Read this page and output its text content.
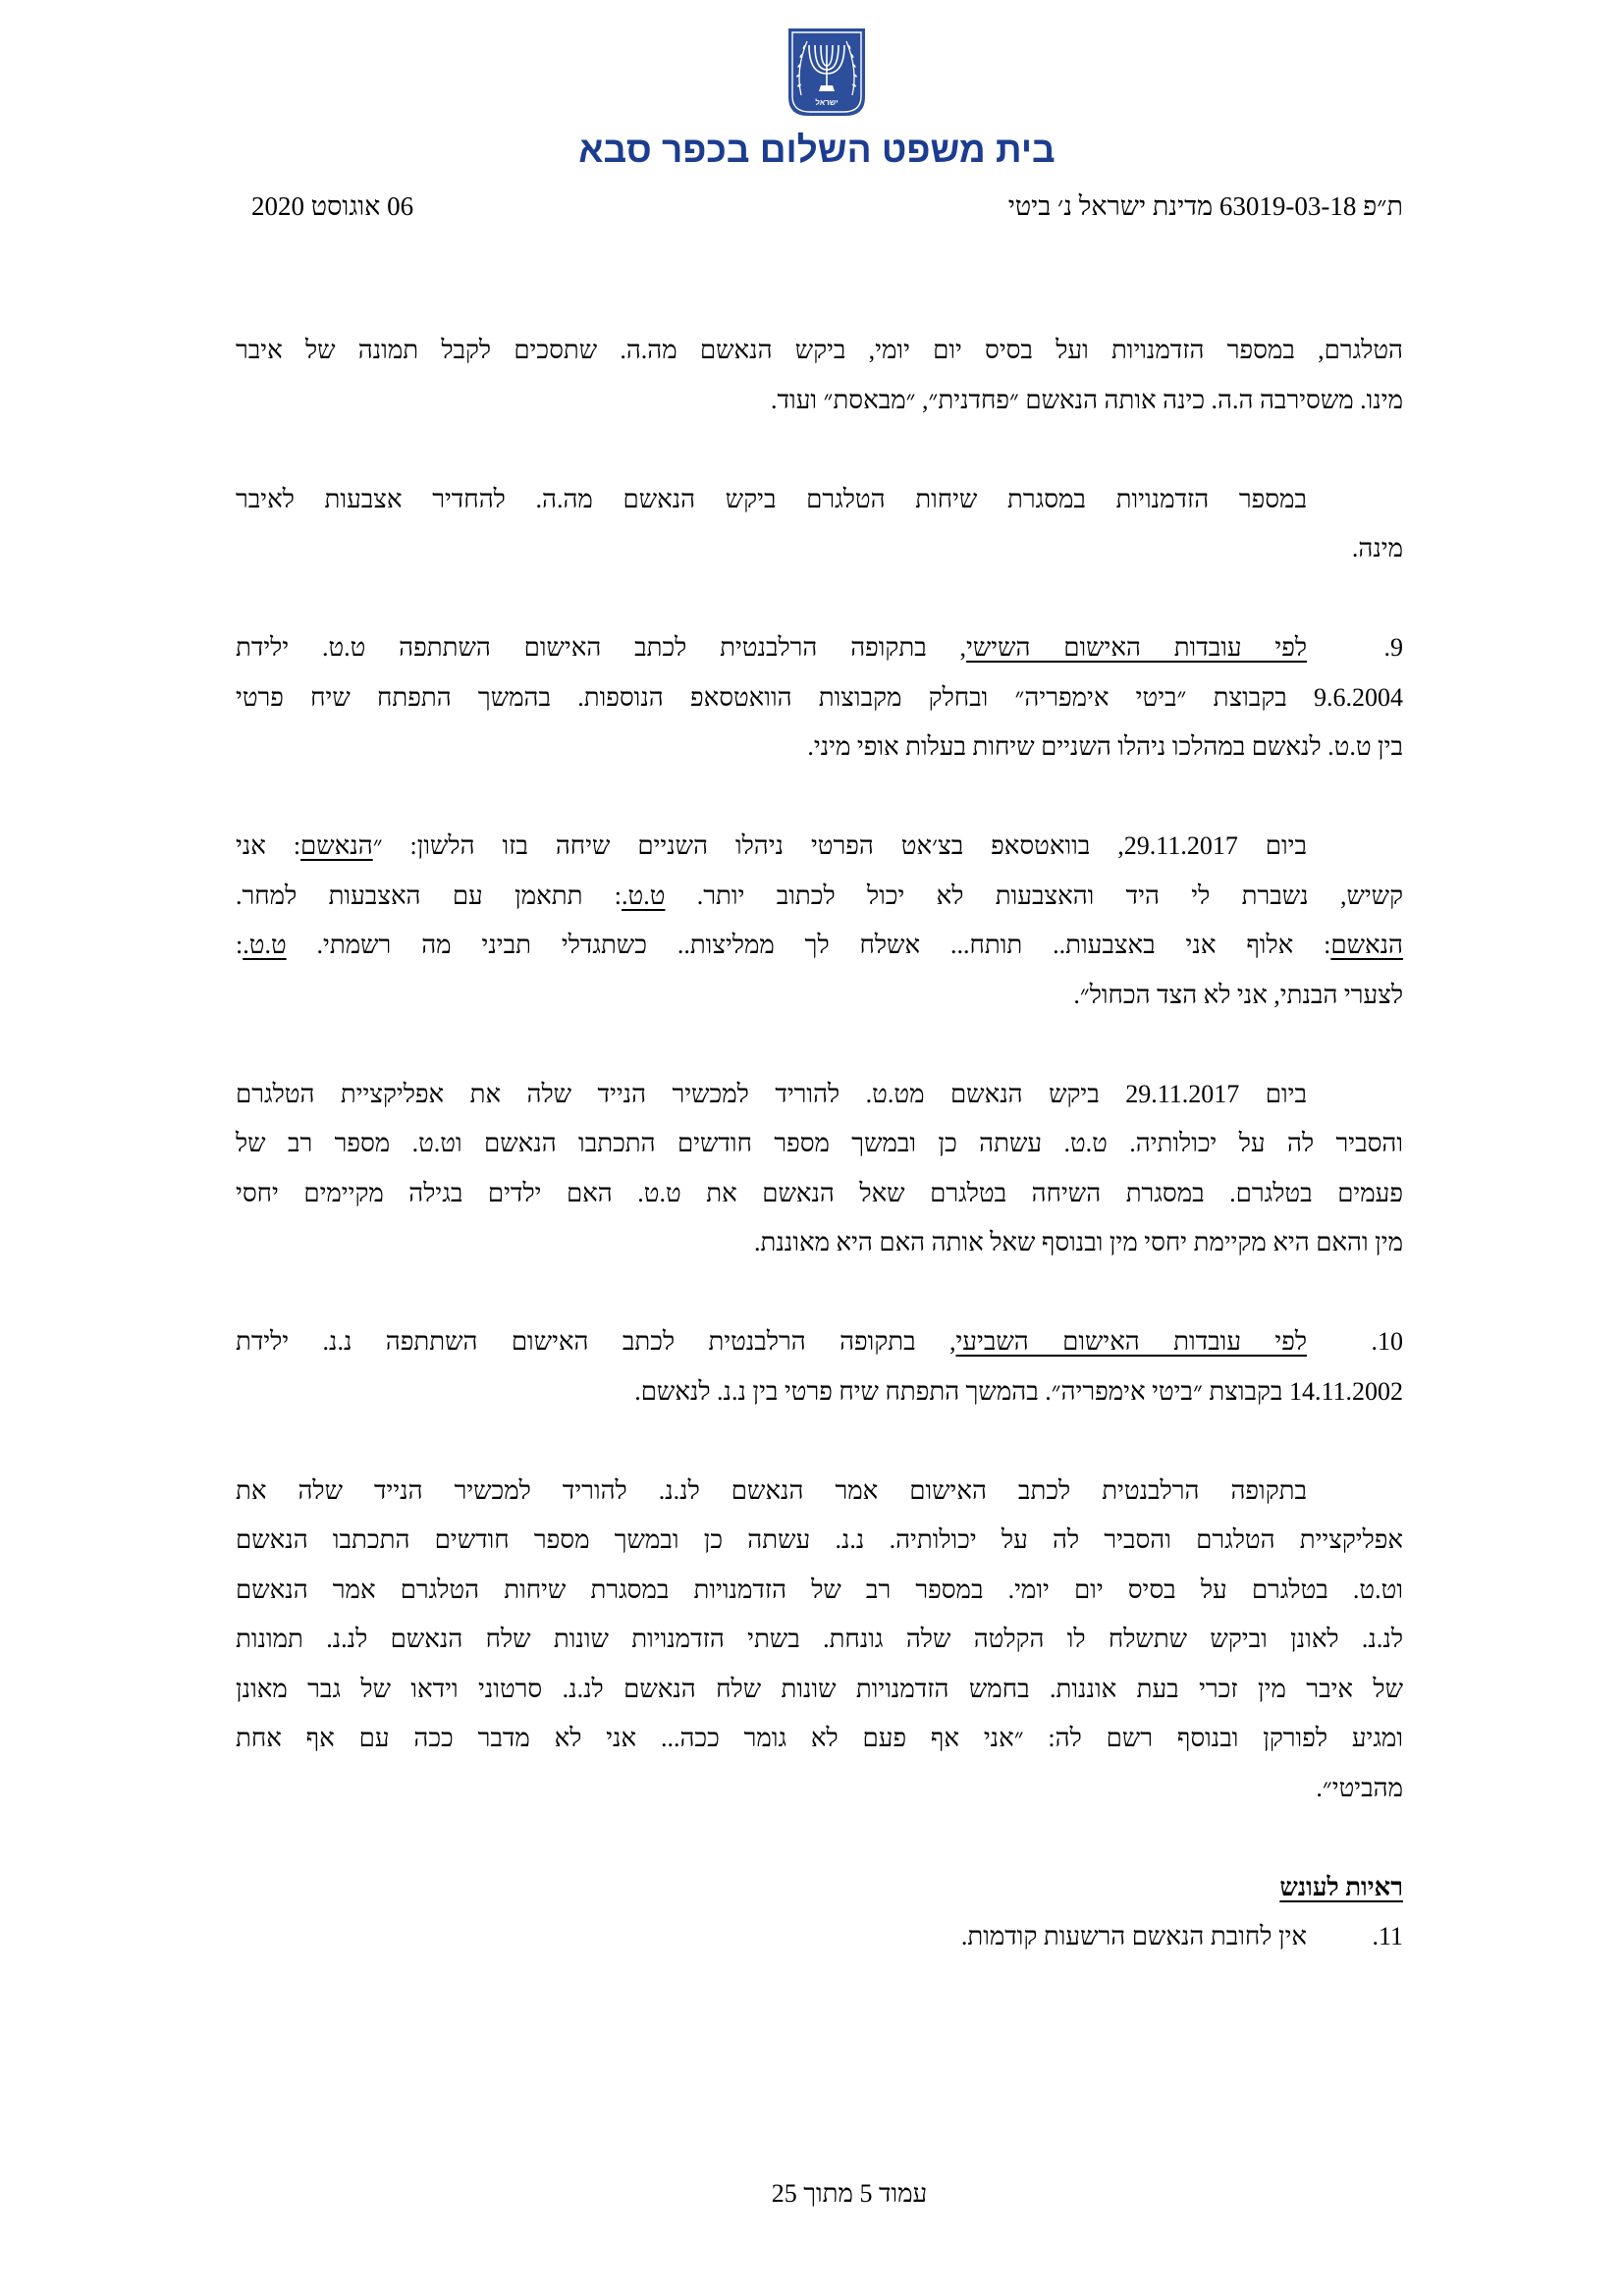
ישראל
בית משפט השלום בכפר סבא
ת״פ 63019-03-18 מדינת ישראל נ׳ ביטי
06 אוגוסט 2020
הטלגרם, במספר הזדמנויות ועל בסיס יום יומי, ביקש הנאשם מה.ה. שתסכים לקבל תמונה של איבר
מינו. משסירבה ה.ה. כינה אותה הנאשם ״פחדנית״, ״מבאסת״ ועוד.
במספר הזדמנויות במסגרת שיחות הטלגרם ביקש הנאשם מה.ה. להחדיר אצבעות לאיבר
מינה.
9.
לפי עובדות האישום השישי, בתקופה הרלבנטית לכתב האישום השתתפה ט.ט. ילידת
9.6.2004 בקבוצת ״ביטי אימפריה״ ובחלק מקבוצות הוואטסאפ הנוספות. בהמשך התפתח שיח פרטי
בין ט.ט. לנאשם במהלכו ניהלו השניים שיחות בעלות אופי מיני.
ביום 29.11.2017, בוואטסאפ בצ׳אט הפרטי ניהלו השניים שיחה בזו הלשון: ״הנאשם: אני
קשיש, נשברת לי היד והאצבעות לא יכול לכתוב יותר. ט.ט.: תתאמן עם האצבעות למחר.
הנאשם: אלוף אני באצבעות.. תותח... אשלח לך ממליצות.. כשתגדלי תביני מה רשמתי. ט.ט.:
לצערי הבנתי, אני לא הצד הכחול״.
ביום 29.11.2017 ביקש הנאשם מט.ט. להוריד למכשיר הנייד שלה את אפליקציית הטלגרם
והסביר לה על יכולותיה. ט.ט. עשתה כן ובמשך מספר חודשים התכתבו הנאשם וט.ט. מספר רב של
פעמים בטלגרם. במסגרת השיחה בטלגרם שאל הנאשם את ט.ט. האם ילדים בגילה מקיימים יחסי
מין והאם היא מקיימת יחסי מין ובנוסף שאל אותה האם היא מאוננת.
10.
לפי עובדות האישום השביעי, בתקופה הרלבנטית לכתב האישום השתתפה נ.נ. ילידת
14.11.2002 בקבוצת ״ביטי אימפריה״. בהמשך התפתח שיח פרטי בין נ.נ. לנאשם.
בתקופה הרלבנטית לכתב האישום אמר הנאשם לנ.נ. להוריד למכשיר הנייד שלה את
אפליקציית הטלגרם והסביר לה על יכולותיה. נ.נ. עשתה כן ובמשך מספר חודשים התכתבו הנאשם
וט.ט. בטלגרם על בסיס יום יומי. במספר רב של הזדמנויות במסגרת שיחות הטלגרם אמר הנאשם
לנ.נ. לאונן וביקש שתשלח לו הקלטה שלה גונחת. בשתי הזדמנויות שונות שלח הנאשם לנ.נ. תמונות
של איבר מין זכרי בעת אוננות. בחמש הזדמנויות שונות שלח הנאשם לנ.נ. סרטוני וידאו של גבר מאונן
ומגיע לפורקן ובנוסף רשם לה: ״אני אף פעם לא גומר ככה... אני לא מדבר ככה עם אף אחת
מהביטי״.
ראיות לעונש
11.
אין לחובת הנאשם הרשעות קודמות.
עמוד 5 מתוך 25
